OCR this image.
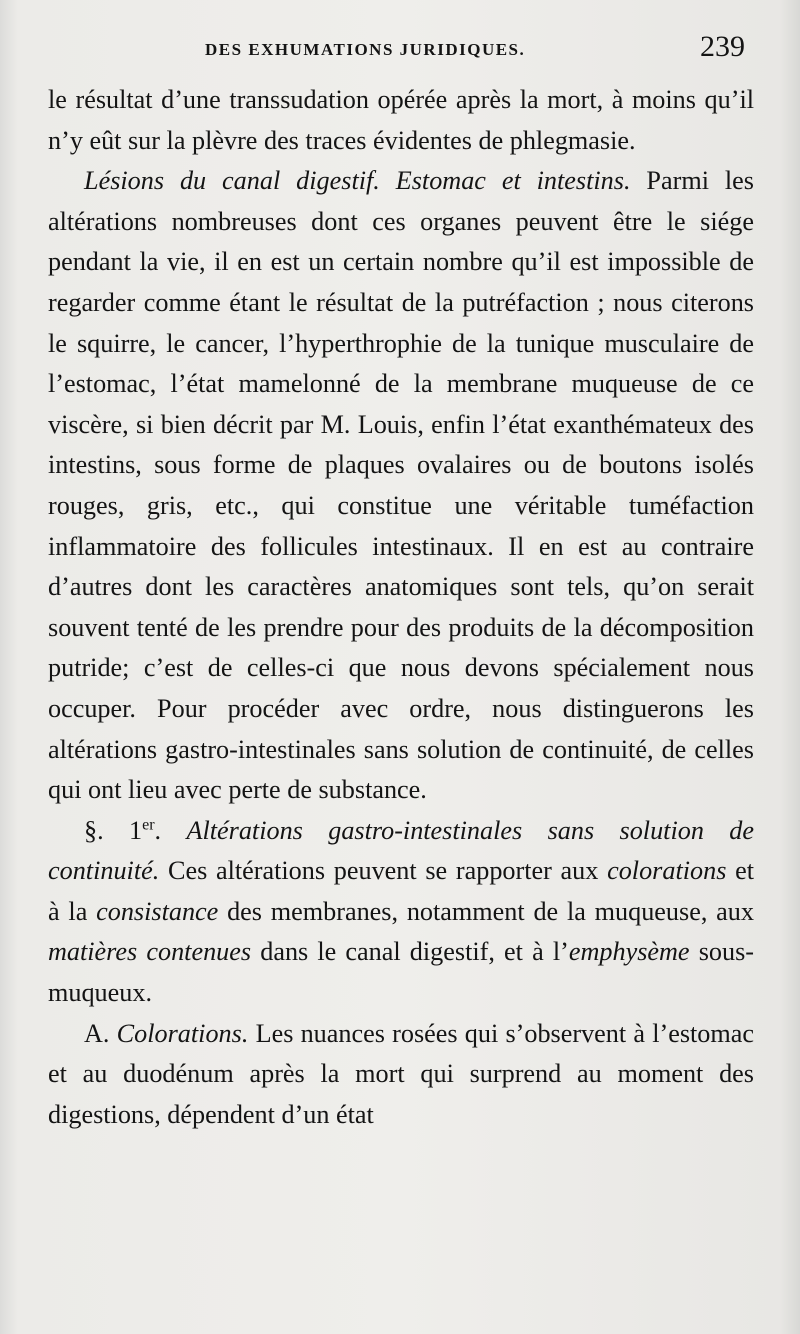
DES EXHUMATIONS JURIDIQUES.	239

le résultat d’une transsudation opérée après la mort, à moins qu’il n’y eût sur la plèvre des traces évidentes de phlegmasie.

Lésions du canal digestif. Estomac et intestins. Parmi les altérations nombreuses dont ces organes peuvent être le siége pendant la vie, il en est un certain nombre qu’il est impossible de regarder comme étant le résultat de la putréfaction ; nous citerons le squirre, le cancer, l’hyperthrophie de la tunique musculaire de l’estomac, l’état mamelonné de la membrane muqueuse de ce viscère, si bien décrit par M. Louis, enfin l’état exanthémateux des intestins, sous forme de plaques ovalaires ou de boutons isolés rouges, gris, etc., qui constitue une véritable tuméfaction inflammatoire des follicules intestinaux. Il en est au contraire d’autres dont les caractères anatomiques sont tels, qu’on serait souvent tenté de les prendre pour des produits de la décomposition putride; c’est de celles-ci que nous devons spécialement nous occuper. Pour procéder avec ordre, nous distinguerons les altérations gastro-intestinales sans solution de continuité, de celles qui ont lieu avec perte de substance.

§. 1er. Altérations gastro-intestinales sans solution de continuité. Ces altérations peuvent se rapporter aux colorations et à la consistance des membranes, notamment de la muqueuse, aux matières contenues dans le canal digestif, et à l’emphysème sous-muqueux.

A. Colorations. Les nuances rosées qui s’observent à l’estomac et au duodénum après la mort qui surprend au moment des digestions, dépendent d’un état
